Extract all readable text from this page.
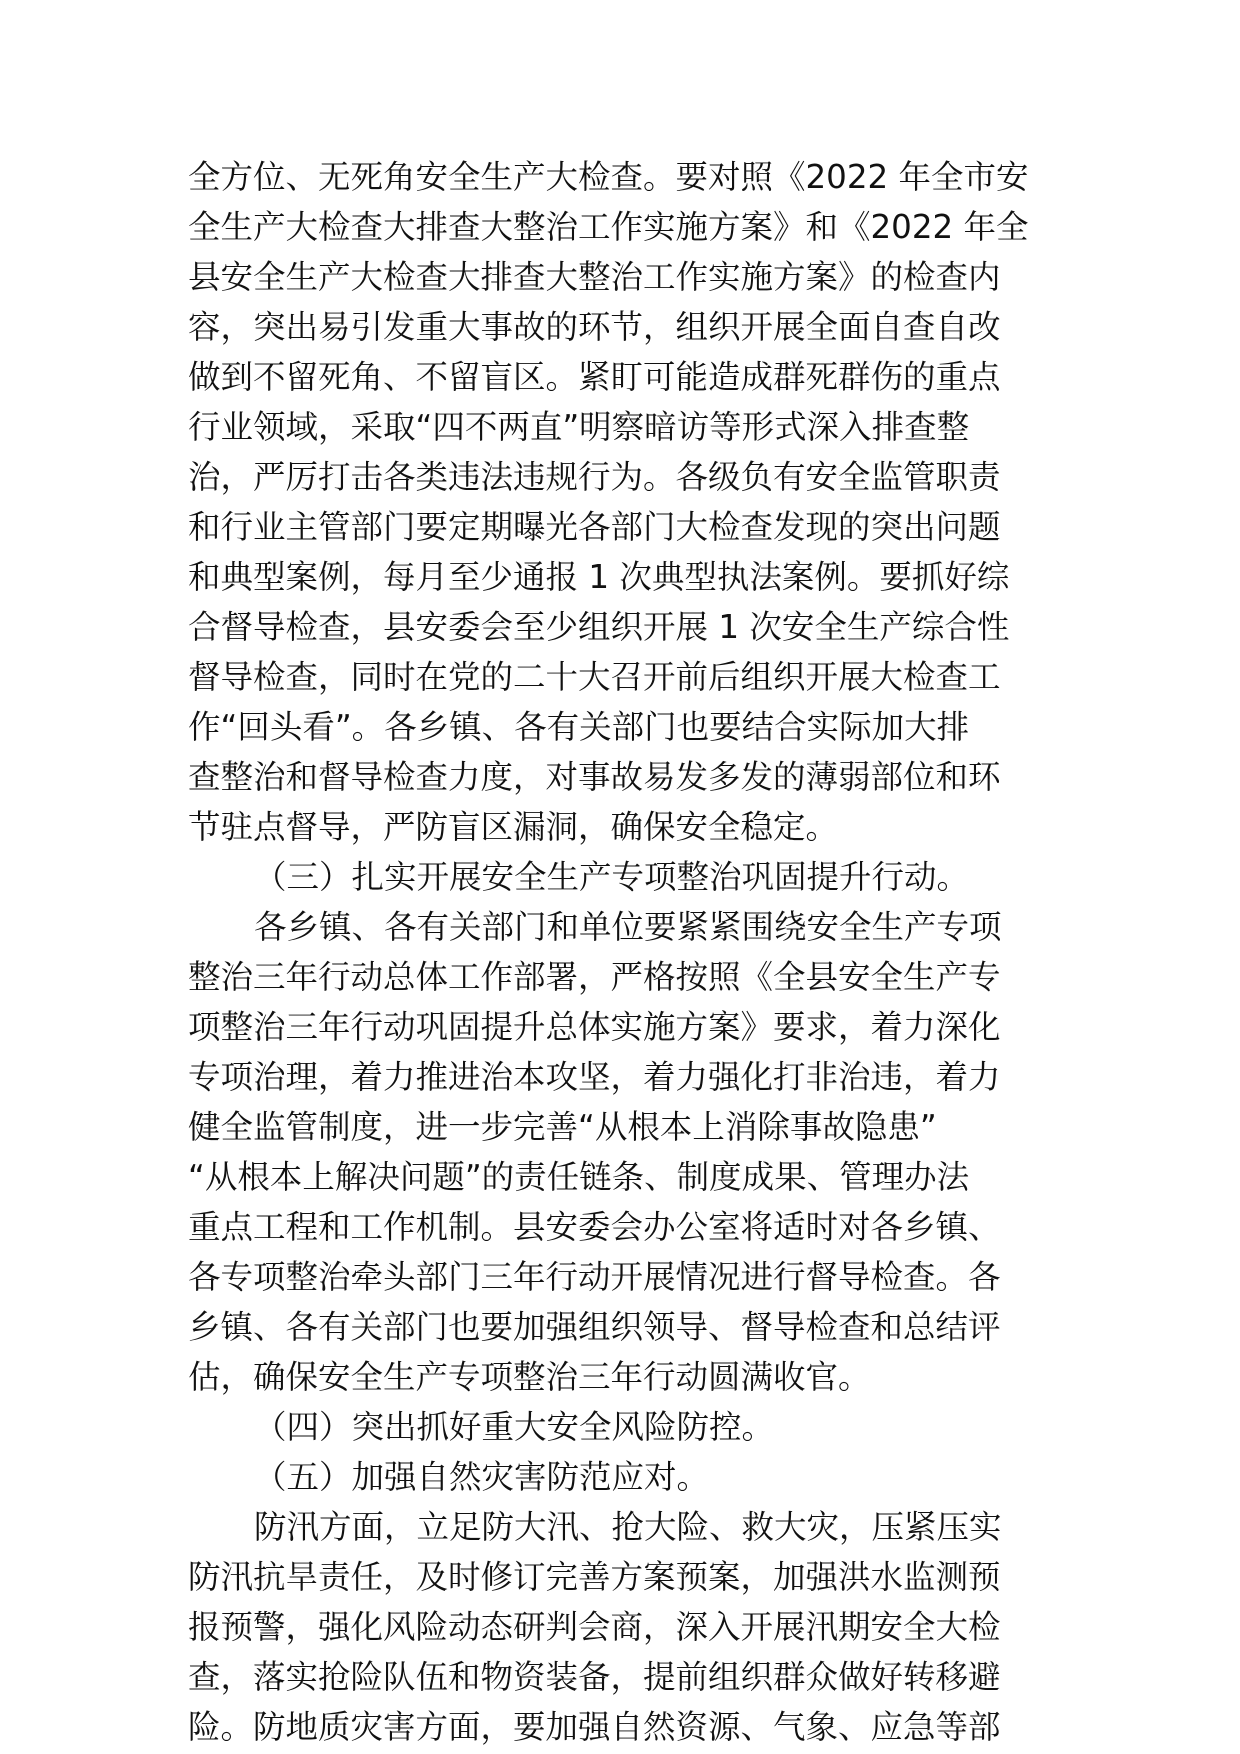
全方位、无死角安全生产大检查。要对照《2022 年全市安
全生产大检查大排查大整治工作实施方案》和《2022 年全
县安全生产大检查大排查大整治工作实施方案》的检查内
容，突出易引发重大事故的环节，组织开展全面自查自改
做到不留死角、不留盲区。紧盯可能造成群死群伤的重点
行业领域，采取“四不两直”明察暗访等形式深入排查整
治，严厉打击各类违法违规行为。各级负有安全监管职责
和行业主管部门要定期曝光各部门大检查发现的突出问题
和典型案例，每月至少通报 1 次典型执法案例。要抓好综
合督导检查，县安委会至少组织开展 1 次安全生产综合性
督导检查，同时在党的二十大召开前后组织开展大检查工
作“回头看”。各乡镇、各有关部门也要结合实际加大排
查整治和督导检查力度，对事故易发多发的薄弱部位和环
节驻点督导，严防盲区漏洞，确保安全稳定。
（三）扎实开展安全生产专项整治巩固提升行动。
各乡镇、各有关部门和单位要紧紧围绕安全生产专项
整治三年行动总体工作部署，严格按照《全县安全生产专
项整治三年行动巩固提升总体实施方案》要求，着力深化
专项治理，着力推进治本攻坚，着力强化打非治违，着力
健全监管制度，进一步完善“从根本上消除事故隐患”
“从根本上解决问题”的责任链条、制度成果、管理办法
重点工程和工作机制。县安委会办公室将适时对各乡镇、
各专项整治牵头部门三年行动开展情况进行督导检查。各
乡镇、各有关部门也要加强组织领导、督导检查和总结评
估，确保安全生产专项整治三年行动圆满收官。
（四）突出抓好重大安全风险防控。
（五）加强自然灾害防范应对。
防汛方面，立足防大汛、抢大险、救大灾，压紧压实
防汛抗旱责任，及时修订完善方案预案，加强洪水监测预
报预警，强化风险动态研判会商，深入开展汛期安全大检
查，落实抢险队伍和物资装备，提前组织群众做好转移避
险。防地质灾害方面，要加强自然资源、气象、应急等部
